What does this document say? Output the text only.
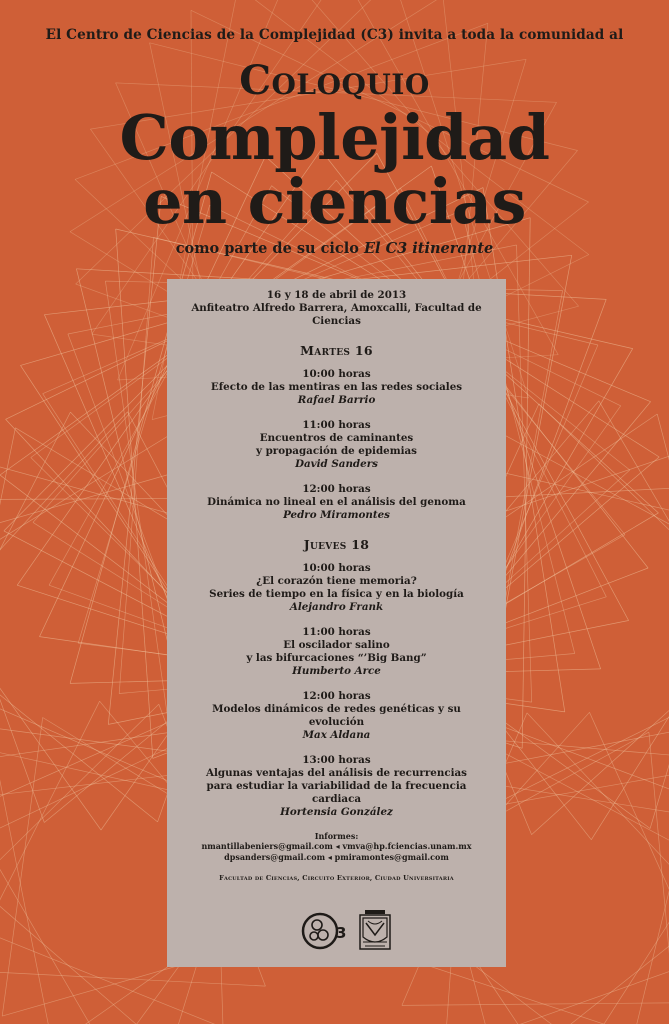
El Centro de Ciencias de la Complejidad (C3) invita a toda la comunidad al
Coloquio
Complejidad
en ciencias
como parte de su ciclo El C3 itinerante
16 y 18 de abril de 2013
Anfiteatro Alfredo Barrera, Amoxcalli, Facultad de Ciencias
Martes 16
10:00 horas
Efecto de las mentiras en las redes sociales
Rafael Barrio
11:00 horas
Encuentros de caminantes
y propagación de epidemias
David Sanders
12:00 horas
Dinámica no lineal en el análisis del genoma
Pedro Miramontes
Jueves 18
10:00 horas
¿El corazón tiene memoria?
Series de tiempo en la física y en la biología
Alejandro Frank
11:00 horas
El oscilador salino
y las bifurcaciones “’Big Bang”
Humberto Arce
12:00 horas
Modelos dinámicos de redes genéticas y su
evolución
Max Aldana
13:00 horas
Algunas ventajas del análisis de recurrencias
para estudiar la variabilidad de la frecuencia
cardiaca
Hortensia González
Informes:
nmantillabeniers@gmail.com ◂ vmva@hp.fciencias.unam.mx
dpsanders@gmail.com ◂ pmiramontes@gmail.com
Facultad de Ciencias, Circuito Exterior, Ciudad Universitaria
3
